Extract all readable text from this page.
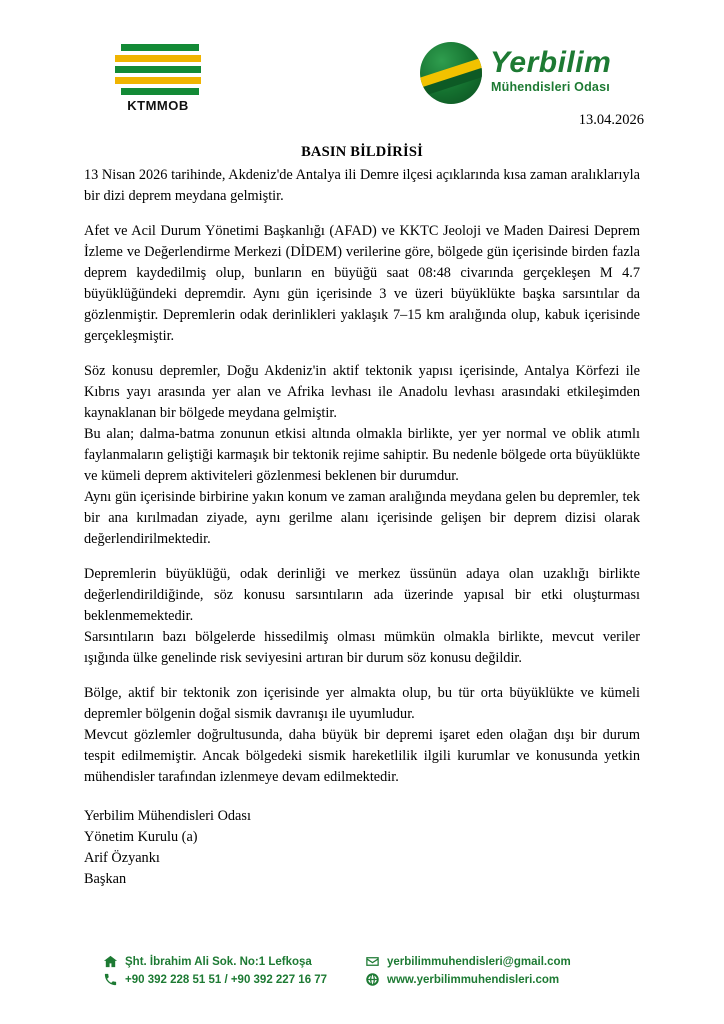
KTMMOB
Yerbilim
Mühendisleri Odası
13.04.2026
BASIN BİLDİRİSİ

13 Nisan 2026 tarihinde, Akdeniz'de Antalya ili Demre ilçesi açıklarında kısa zaman aralıklarıyla bir dizi deprem meydana gelmiştir.

Afet ve Acil Durum Yönetimi Başkanlığı (AFAD) ve KKTC Jeoloji ve Maden Dairesi Deprem İzleme ve Değerlendirme Merkezi (DİDEM) verilerine göre, bölgede gün içerisinde birden fazla deprem kaydedilmiş olup, bunların en büyüğü saat 08:48 civarında gerçekleşen M 4.7 büyüklüğündeki depremdir. Aynı gün içerisinde 3 ve üzeri büyüklükte başka sarsıntılar da gözlenmiştir. Depremlerin odak derinlikleri yaklaşık 7–15 km aralığında olup, kabuk içerisinde gerçekleşmiştir.

Söz konusu depremler, Doğu Akdeniz'in aktif tektonik yapısı içerisinde, Antalya Körfezi ile Kıbrıs yayı arasında yer alan ve Afrika levhası ile Anadolu levhası arasındaki etkileşimden kaynaklanan bir bölgede meydana gelmiştir.

Bu alan; dalma-batma zonunun etkisi altında olmakla birlikte, yer yer normal ve oblik atımlı faylanmaların geliştiği karmaşık bir tektonik rejime sahiptir. Bu nedenle bölgede orta büyüklükte ve kümeli deprem aktiviteleri gözlenmesi beklenen bir durumdur.

Aynı gün içerisinde birbirine yakın konum ve zaman aralığında meydana gelen bu depremler, tek bir ana kırılmadan ziyade, aynı gerilme alanı içerisinde gelişen bir deprem dizisi olarak değerlendirilmektedir.

Depremlerin büyüklüğü, odak derinliği ve merkez üssünün adaya olan uzaklığı birlikte değerlendirildiğinde, söz konusu sarsıntıların ada üzerinde yapısal bir etki oluşturması beklenmemektedir.

Sarsıntıların bazı bölgelerde hissedilmiş olması mümkün olmakla birlikte, mevcut veriler ışığında ülke genelinde risk seviyesini artıran bir durum söz konusu değildir.

Bölge, aktif bir tektonik zon içerisinde yer almakta olup, bu tür orta büyüklükte ve kümeli depremler bölgenin doğal sismik davranışı ile uyumludur.

Mevcut gözlemler doğrultusunda, daha büyük bir depremi işaret eden olağan dışı bir durum tespit edilmemiştir. Ancak bölgedeki sismik hareketlilik ilgili kurumlar ve konusunda yetkin mühendisler tarafından izlenmeye devam edilmektedir.

Yerbilim Mühendisleri Odası
Yönetim Kurulu (a)
Arif Özyankı
Başkan
Şht. İbrahim Ali Sok. No:1 Lefkoşa	yerbilimmuhendisleri@gmail.com
+90 392 228 51 51 / +90 392 227 16 77	www.yerbilimmuhendisleri.com
